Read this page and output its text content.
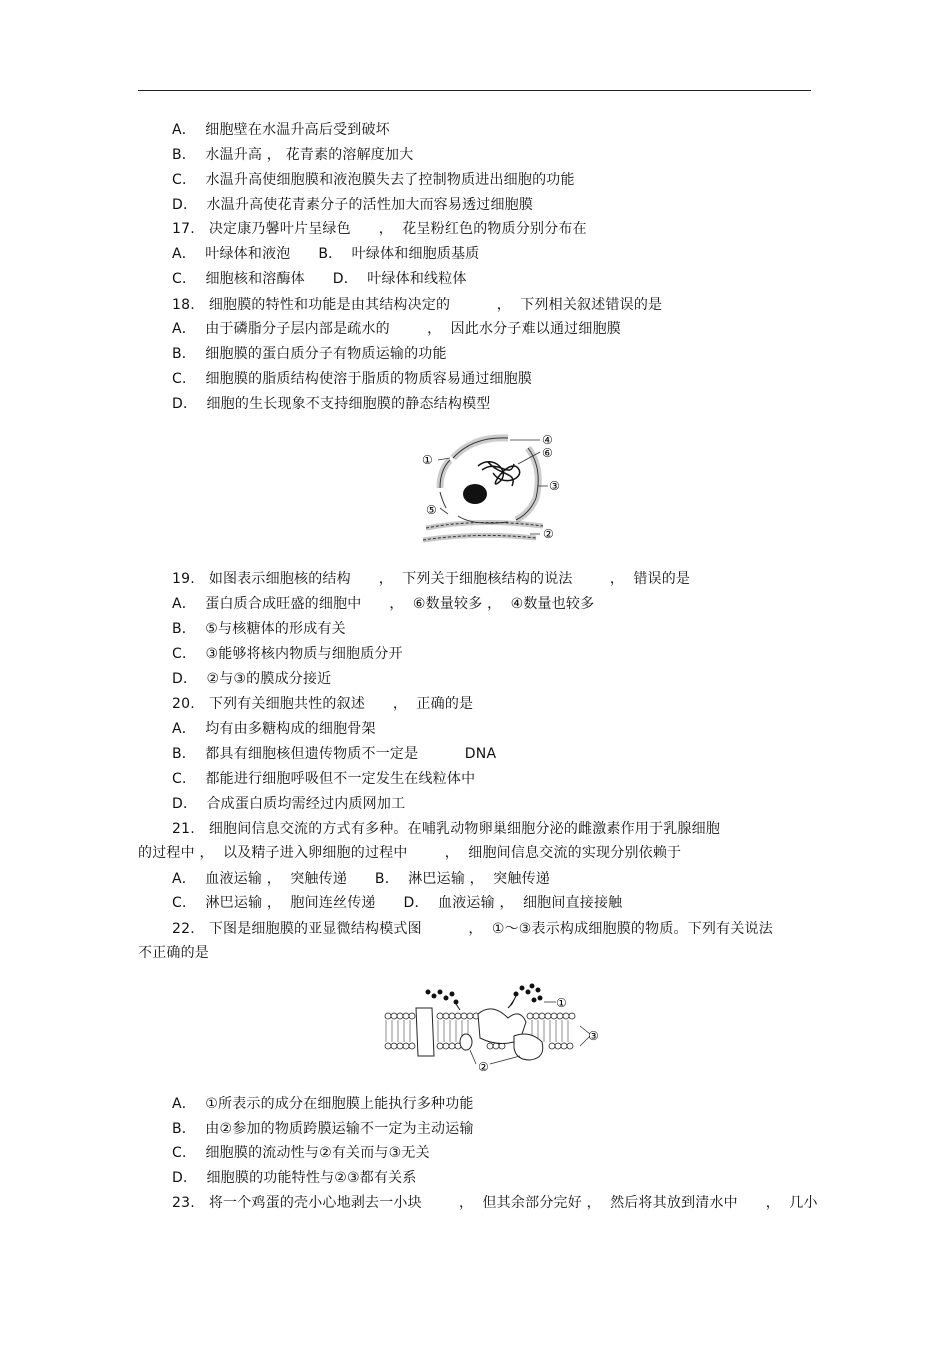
A．  细胞壁在水温升高后受到破坏
B．  水温升高 ， 花青素的溶解度加大
C．  水温升高使细胞膜和液泡膜失去了控制物质进出细胞的功能
D．  水温升高使花青素分子的活性加大而容易透过细胞膜
17.   决定康乃馨叶片呈绿色      ，  花呈粉红色的物质分别分布在
A．  叶绿体和液泡      B．  叶绿体和细胞质基质
C．  细胞核和溶酶体      D．  叶绿体和线粒体
18.   细胞膜的特性和功能是由其结构决定的          ，  下列相关叙述错误的是
A．  由于磷脂分子层内部是疏水的        ，  因此水分子难以通过细胞膜
B．  细胞膜的蛋白质分子有物质运输的功能
C．  细胞膜的脂质结构使溶于脂质的物质容易通过细胞膜
D．  细胞的生长现象不支持细胞膜的静态结构模型
①
②
③
④
⑤
⑥
19.   如图表示细胞核的结构      ，  下列关于细胞核结构的说法        ，  错误的是
A．  蛋白质合成旺盛的细胞中      ，  ⑥数量较多 ，  ④数量也较多
B．  ⑤与核糖体的形成有关
C．  ③能够将核内物质与细胞质分开
D．  ②与③的膜成分接近
20.   下列有关细胞共性的叙述      ，  正确的是
A．  均有由多糖构成的细胞骨架
B．  都具有细胞核但遗传物质不一定是          DNA
C．  都能进行细胞呼吸但不一定发生在线粒体中
D．  合成蛋白质均需经过内质网加工
21.   细胞间信息交流的方式有多种。在哺乳动物卵巢细胞分泌的雌激素作用于乳腺细胞
的过程中 ，  以及精子进入卵细胞的过程中        ，  细胞间信息交流的实现分别依赖于
A．  血液运输 ，  突触传递      B．  淋巴运输 ，  突触传递
C．  淋巴运输 ，  胞间连丝传递      D．  血液运输 ，  细胞间直接接触
22.   下图是细胞膜的亚显微结构模式图          ，  ①～③表示构成细胞膜的物质。下列有关说法
不正确的是
①
②
③
A．  ①所表示的成分在细胞膜上能执行多种功能
B．  由②参加的物质跨膜运输不一定为主动运输
C．  细胞膜的流动性与②有关而与③无关
D．  细胞膜的功能特性与②③都有关系
23.   将一个鸡蛋的壳小心地剥去一小块        ，  但其余部分完好 ，  然后将其放到清水中      ，  几小
